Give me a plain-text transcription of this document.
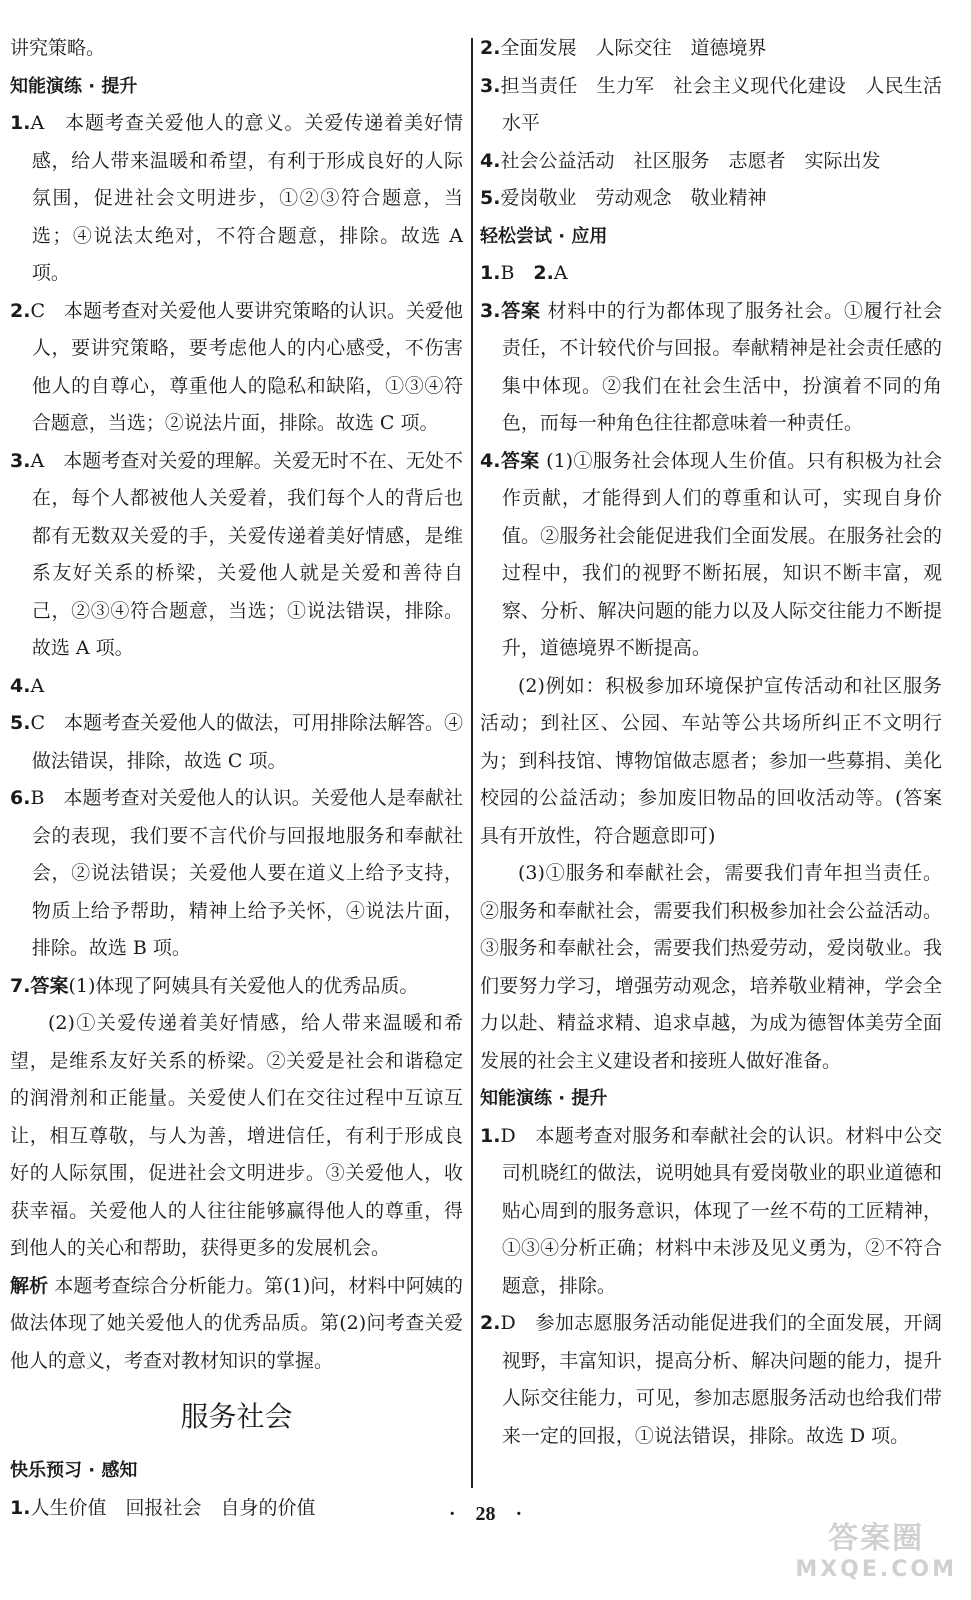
讲究策略。

知能演练 · 提升

1.A　本题考查关爱他人的意义。关爱传递着美好情感，给人带来温暖和希望，有利于形成良好的人际氛围，促进社会文明进步，①②③符合题意，当选；④说法太绝对，不符合题意，排除。故选 A 项。

2.C　本题考查对关爱他人要讲究策略的认识。关爱他人，要讲究策略，要考虑他人的内心感受，不伤害他人的自尊心，尊重他人的隐私和缺陷，①③④符合题意，当选；②说法片面，排除。故选 C 项。

3.A　本题考查对关爱的理解。关爱无时不在、无处不在，每个人都被他人关爱着，我们每个人的背后也都有无数双关爱的手，关爱传递着美好情感，是维系友好关系的桥梁，关爱他人就是关爱和善待自己，②③④符合题意，当选；①说法错误，排除。故选 A 项。

4.A

5.C　本题考查关爱他人的做法，可用排除法解答。④做法错误，排除，故选 C 项。

6.B　本题考查对关爱他人的认识。关爱他人是奉献社会的表现，我们要不言代价与回报地服务和奉献社会，②说法错误；关爱他人要在道义上给予支持，物质上给予帮助，精神上给予关怀，④说法片面，排除。故选 B 项。

7.答案(1)体现了阿姨具有关爱他人的优秀品质。

(2)①关爱传递着美好情感，给人带来温暖和希望，是维系友好关系的桥梁。②关爱是社会和谐稳定的润滑剂和正能量。关爱使人们在交往过程中互谅互让，相互尊敬，与人为善，增进信任，有利于形成良好的人际氛围，促进社会文明进步。③关爱他人，收获幸福。关爱他人的人往往能够赢得他人的尊重，得到他人的关心和帮助，获得更多的发展机会。

解析 本题考查综合分析能力。第(1)问，材料中阿姨的做法体现了她关爱他人的优秀品质。第(2)问考查关爱他人的意义，考查对教材知识的掌握。

服务社会

快乐预习 · 感知

1.人生价值　回报社会　自身的价值

2.全面发展　人际交往　道德境界

3.担当责任　生力军　社会主义现代化建设　人民生活水平

4.社会公益活动　社区服务　志愿者　实际出发

5.爱岗敬业　劳动观念　敬业精神

轻松尝试 · 应用

1.B　2.A

3.答案 材料中的行为都体现了服务社会。①履行社会责任，不计较代价与回报。奉献精神是社会责任感的集中体现。②我们在社会生活中，扮演着不同的角色，而每一种角色往往都意味着一种责任。

4.答案 (1)①服务社会体现人生价值。只有积极为社会作贡献，才能得到人们的尊重和认可，实现自身价值。②服务社会能促进我们全面发展。在服务社会的过程中，我们的视野不断拓展，知识不断丰富，观察、分析、解决问题的能力以及人际交往能力不断提升，道德境界不断提高。

(2)例如：积极参加环境保护宣传活动和社区服务活动；到社区、公园、车站等公共场所纠正不文明行为；到科技馆、博物馆做志愿者；参加一些募捐、美化校园的公益活动；参加废旧物品的回收活动等。(答案具有开放性，符合题意即可)

(3)①服务和奉献社会，需要我们青年担当责任。②服务和奉献社会，需要我们积极参加社会公益活动。③服务和奉献社会，需要我们热爱劳动，爱岗敬业。我们要努力学习，增强劳动观念，培养敬业精神，学会全力以赴、精益求精、追求卓越，为成为德智体美劳全面发展的社会主义建设者和接班人做好准备。

知能演练 · 提升

1.D　本题考查对服务和奉献社会的认识。材料中公交司机晓红的做法，说明她具有爱岗敬业的职业道德和贴心周到的服务意识，体现了一丝不苟的工匠精神，①③④分析正确；材料中未涉及见义勇为，②不符合题意，排除。

2.D　参加志愿服务活动能促进我们的全面发展，开阔视野，丰富知识，提高分析、解决问题的能力，提升人际交往能力，可见，参加志愿服务活动也给我们带来一定的回报，①说法错误，排除。故选 D 项。

·　28　·
答案圈
MXQE.COM
